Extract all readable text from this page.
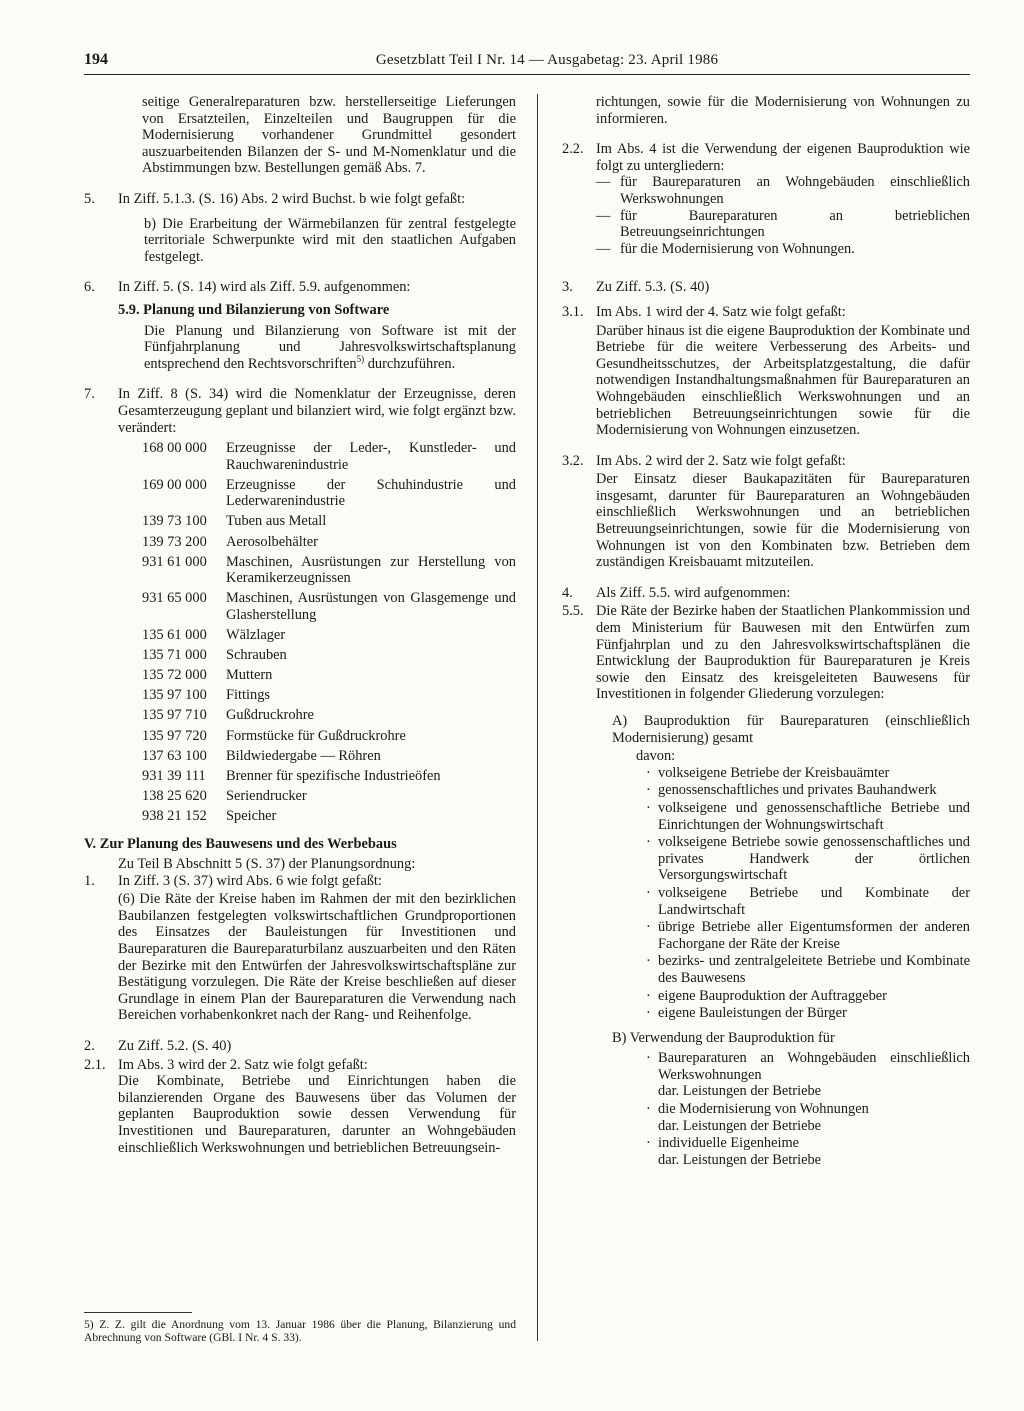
194	Gesetzblatt Teil I Nr. 14 — Ausgabetag: 23. April 1986

seitige Generalreparaturen bzw. herstellerseitige Lieferungen von Ersatzteilen, Einzelteilen und Baugruppen für die Modernisierung vorhandener Grundmittel gesondert auszuarbeitenden Bilanzen der S- und M-Nomenklatur und die Abstimmungen bzw. Bestellungen gemäß Abs. 7.

5.	In Ziff. 5.1.3. (S. 16) Abs. 2 wird Buchst. b wie folgt gefaßt:

b) Die Erarbeitung der Wärmebilanzen für zentral festgelegte territoriale Schwerpunkte wird mit den staatlichen Aufgaben festgelegt.

6.	In Ziff. 5. (S. 14) wird als Ziff. 5.9. aufgenommen:

5.9. Planung und Bilanzierung von Software

Die Planung und Bilanzierung von Software ist mit der Fünfjahrplanung und Jahresvolkswirtschaftsplanung entsprechend den Rechtsvorschriften$^{5)}$ durchzuführen.

7.	In Ziff. 8 (S. 34) wird die Nomenklatur der Erzeugnisse, deren Gesamterzeugung geplant und bilanziert wird, wie folgt ergänzt bzw. verändert:

168 00 000	Erzeugnisse der Leder-, Kunstleder- und Rauchwarenindustrie
169 00 000	Erzeugnisse der Schuhindustrie und Lederwarenindustrie
139 73 100	Tuben aus Metall
139 73 200	Aerosolbehälter
931 61 000	Maschinen, Ausrüstungen zur Herstellung von Keramikerzeugnissen
931 65 000	Maschinen, Ausrüstungen von Glasgemenge und Glasherstellung
135 61 000	Wälzlager
135 71 000	Schrauben
135 72 000	Muttern
135 97 100	Fittings
135 97 710	Gußdruckrohre
135 97 720	Formstücke für Gußdruckrohre
137 63 100	Bildwiedergabe — Röhren
931 39 111	Brenner für spezifische Industrieöfen
138 25 620	Seriendrucker
938 21 152	Speicher

V. Zur Planung des Bauwesens und des Werbebaus

Zu Teil B Abschnitt 5 (S. 37) der Planungsordnung:

1.	In Ziff. 3 (S. 37) wird Abs. 6 wie folgt gefaßt:

(6) Die Räte der Kreise haben im Rahmen der mit den bezirklichen Baubilanzen festgelegten volkswirtschaftlichen Grundproportionen des Einsatzes der Bauleistungen für Investitionen und Baureparaturen die Baureparaturbilanz auszuarbeiten und den Räten der Bezirke mit den Entwürfen der Jahresvolkswirtschaftspläne zur Bestätigung vorzulegen. Die Räte der Kreise beschließen auf dieser Grundlage in einem Plan der Baureparaturen die Verwendung nach Bereichen vorhabenkonkret nach der Rang- und Reihenfolge.

2.	Zu Ziff. 5.2. (S. 40)

2.1. Im Abs. 3 wird der 2. Satz wie folgt gefaßt:

Die Kombinate, Betriebe und Einrichtungen haben die bilanzierenden Organe des Bauwesens über das Volumen der geplanten Bauproduktion sowie dessen Verwendung für Investitionen und Baureparaturen, darunter an Wohngebäuden einschließlich Werkswohnungen und betrieblichen Betreuungsein-

5) Z. Z. gilt die Anordnung vom 13. Januar 1986 über die Planung, Bilanzierung und Abrechnung von Software (GBl. I Nr. 4 S. 33).

richtungen, sowie für die Modernisierung von Wohnungen zu informieren.

2.2. Im Abs. 4 ist die Verwendung der eigenen Bauproduktion wie folgt zu untergliedern:

— für Baureparaturen an Wohngebäuden einschließlich Werkswohnungen
— für Baureparaturen an betrieblichen Betreuungseinrichtungen
— für die Modernisierung von Wohnungen.
3.	Zu Ziff. 5.3. (S. 40)

3.1. Im Abs. 1 wird der 4. Satz wie folgt gefaßt:

Darüber hinaus ist die eigene Bauproduktion der Kombinate und Betriebe für die weitere Verbesserung des Arbeits- und Gesundheitsschutzes, der Arbeitsplatzgestaltung, die dafür notwendigen Instandhaltungsmaßnahmen für Baureparaturen an Wohngebäuden einschließlich Werkswohnungen und an betrieblichen Betreuungseinrichtungen sowie für die Modernisierung von Wohnungen einzusetzen.

3.2. Im Abs. 2 wird der 2. Satz wie folgt gefaßt:

Der Einsatz dieser Baukapazitäten für Baureparaturen insgesamt, darunter für Baureparaturen an Wohngebäuden einschließlich Werkswohnungen und an betrieblichen Betreuungseinrichtungen, sowie für die Modernisierung von Wohnungen ist von den Kombinaten bzw. Betrieben dem zuständigen Kreisbauamt mitzuteilen.

4.	Als Ziff. 5.5. wird aufgenommen:

5.5. Die Räte der Bezirke haben der Staatlichen Plankommission und dem Ministerium für Bauwesen mit den Entwürfen zum Fünfjahrplan und zu den Jahresvolkswirtschaftsplänen die Entwicklung der Bauproduktion für Baureparaturen je Kreis sowie den Einsatz des kreisgeleiteten Bauwesens für Investitionen in folgender Gliederung vorzulegen:

A) Bauproduktion für Baureparaturen (einschließlich Modernisierung) gesamt

davon:

· volkseigene Betriebe der Kreisbauämter
· genossenschaftliches und privates Bauhandwerk
· volkseigene und genossenschaftliche Betriebe und Einrichtungen der Wohnungswirtschaft
· volkseigene Betriebe sowie genossenschaftliches und privates Handwerk der örtlichen Versorgungswirtschaft
· volkseigene Betriebe und Kombinate der Landwirtschaft
· übrige Betriebe aller Eigentumsformen der anderen Fachorgane der Räte der Kreise
· bezirks- und zentralgeleitete Betriebe und Kombinate des Bauwesens
· eigene Bauproduktion der Auftraggeber
· eigene Bauleistungen der Bürger

B) Verwendung der Bauproduktion für

· Baureparaturen an Wohngebäuden einschließlich Werkswohnungen
dar. Leistungen der Betriebe
· die Modernisierung von Wohnungen
dar. Leistungen der Betriebe
· individuelle Eigenheime
dar. Leistungen der Betriebe
